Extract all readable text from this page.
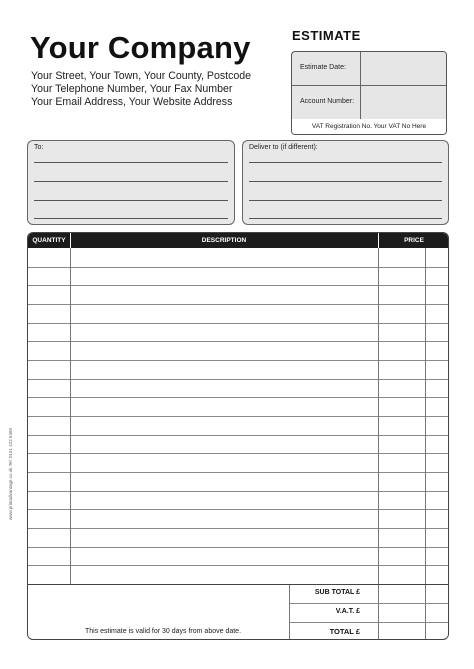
Your Company
Your Street, Your Town, Your County, Postcode
Your Telephone Number, Your Fax Number
Your Email Address, Your Website Address
ESTIMATE
Estimate Date:
Account Number:
VAT Registration No. Your VAT No Here
To:	Deliver to (if different):
QUANTITY	DESCRIPTION	PRICE
SUB TOTAL £
V.A.T. £
TOTAL £
This estimate is valid for 30 days from above date.
www.printadvantage.co.uk Tel: 0151 422 6460
